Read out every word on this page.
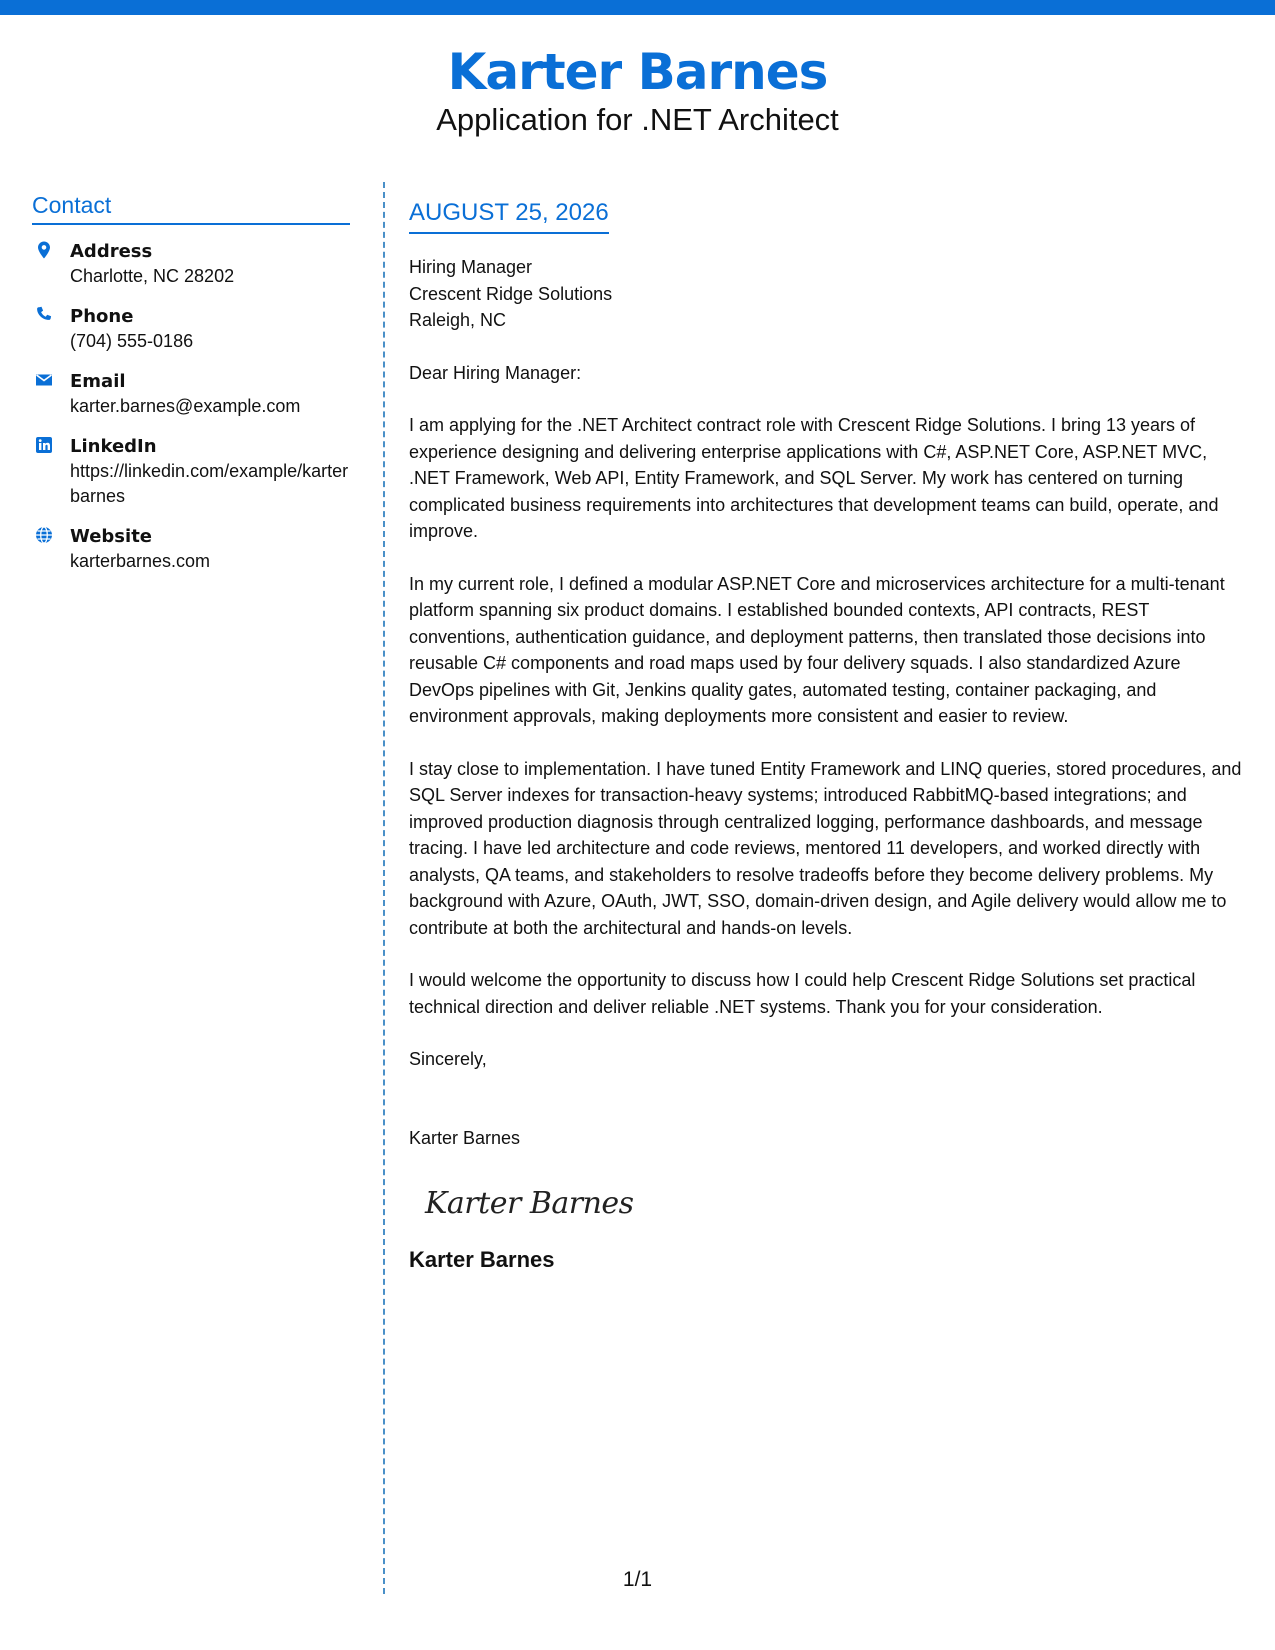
Karter Barnes
Application for .NET Architect
Contact
Address
Charlotte, NC 28202
Phone
(704) 555-0186
Email
karter.barnes@example.com
LinkedIn
https://linkedin.com/example/karterbarnes
Website
karterbarnes.com
AUGUST 25, 2026
Hiring Manager
Crescent Ridge Solutions
Raleigh, NC
Dear Hiring Manager:
I am applying for the .NET Architect contract role with Crescent Ridge Solutions. I bring 13 years of experience designing and delivering enterprise applications with C#, ASP.NET Core, ASP.NET MVC, .NET Framework, Web API, Entity Framework, and SQL Server. My work has centered on turning complicated business requirements into architectures that development teams can build, operate, and improve.
In my current role, I defined a modular ASP.NET Core and microservices architecture for a multi-tenant platform spanning six product domains. I established bounded contexts, API contracts, REST conventions, authentication guidance, and deployment patterns, then translated those decisions into reusable C# components and road maps used by four delivery squads. I also standardized Azure DevOps pipelines with Git, Jenkins quality gates, automated testing, container packaging, and environment approvals, making deployments more consistent and easier to review.
I stay close to implementation. I have tuned Entity Framework and LINQ queries, stored procedures, and SQL Server indexes for transaction-heavy systems; introduced RabbitMQ-based integrations; and improved production diagnosis through centralized logging, performance dashboards, and message tracing. I have led architecture and code reviews, mentored 11 developers, and worked directly with analysts, QA teams, and stakeholders to resolve tradeoffs before they become delivery problems. My background with Azure, OAuth, JWT, SSO, domain-driven design, and Agile delivery would allow me to contribute at both the architectural and hands-on levels.
I would welcome the opportunity to discuss how I could help Crescent Ridge Solutions set practical technical direction and deliver reliable .NET systems. Thank you for your consideration.
Sincerely,
Karter Barnes
Karter Barnes
Karter Barnes
1/1
